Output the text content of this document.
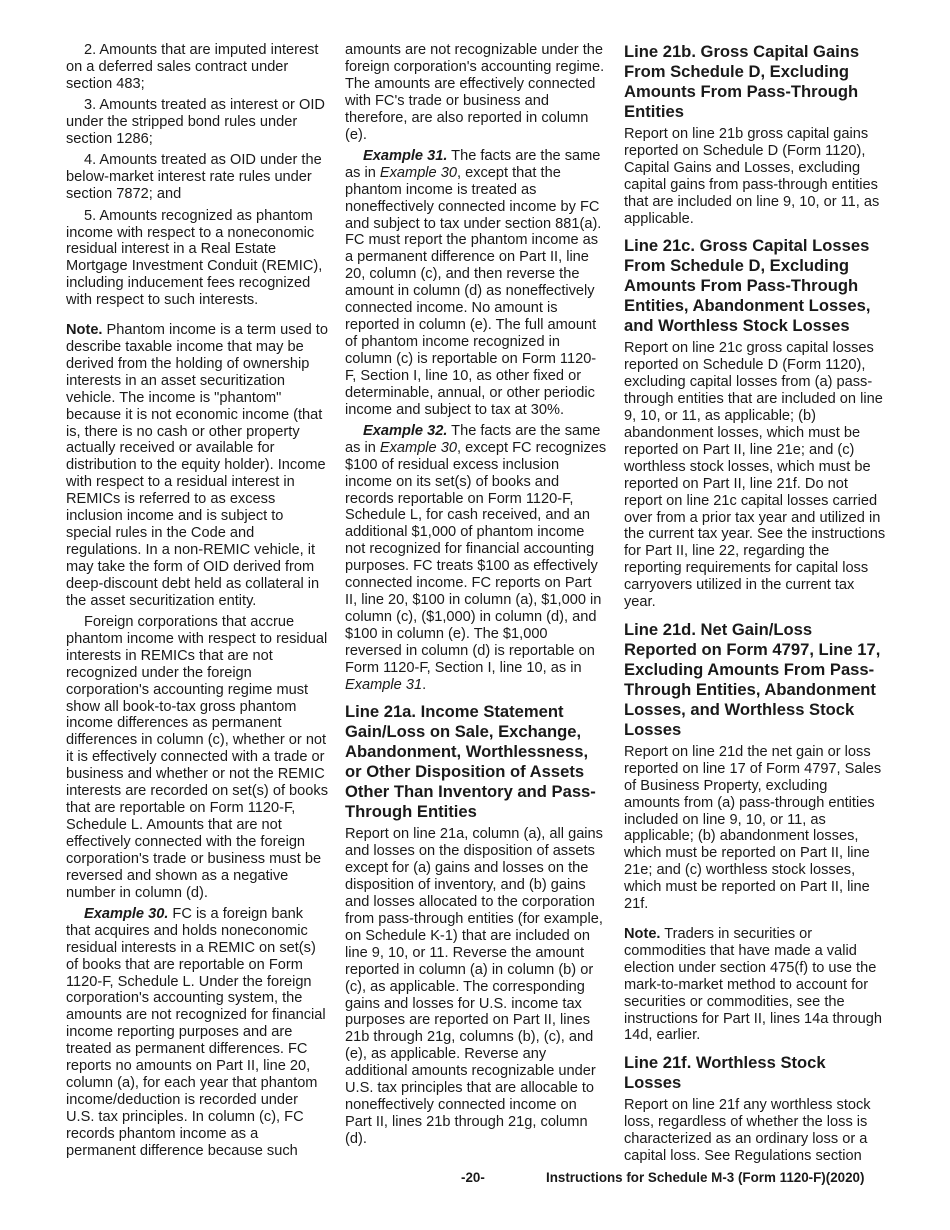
2. Amounts that are imputed interest on a deferred sales contract under section 483;

3. Amounts treated as interest or OID under the stripped bond rules under section 1286;

4. Amounts treated as OID under the below-market interest rate rules under section 7872; and

5. Amounts recognized as phantom income with respect to a noneconomic residual interest in a Real Estate Mortgage Investment Conduit (REMIC), including inducement fees recognized with respect to such interests.

Note. Phantom income is a term used to describe taxable income that may be derived from the holding of ownership interests in an asset securitization vehicle. The income is "phantom" because it is not economic income (that is, there is no cash or other property actually received or available for distribution to the equity holder). Income with respect to a residual interest in REMICs is referred to as excess inclusion income and is subject to special rules in the Code and regulations. In a non-REMIC vehicle, it may take the form of OID derived from deep-discount debt held as collateral in the asset securitization entity.

Foreign corporations that accrue phantom income with respect to residual interests in REMICs that are not recognized under the foreign corporation's accounting regime must show all book-to-tax gross phantom income differences as permanent differences in column (c), whether or not it is effectively connected with a trade or business and whether or not the REMIC interests are recorded on set(s) of books that are reportable on Form 1120-F, Schedule L. Amounts that are not effectively connected with the foreign corporation's trade or business must be reversed and shown as a negative number in column (d).

Example 30. FC is a foreign bank that acquires and holds noneconomic residual interests in a REMIC on set(s) of books that are reportable on Form 1120-F, Schedule L. Under the foreign corporation's accounting system, the amounts are not recognized for financial income reporting purposes and are treated as permanent differences. FC reports no amounts on Part II, line 20, column (a), for each year that phantom income/deduction is recorded under U.S. tax principles. In column (c), FC records phantom income as a permanent difference because such

amounts are not recognizable under the foreign corporation's accounting regime. The amounts are effectively connected with FC's trade or business and therefore, are also reported in column (e).

Example 31. The facts are the same as in Example 30, except that the phantom income is treated as noneffectively connected income by FC and subject to tax under section 881(a). FC must report the phantom income as a permanent difference on Part II, line 20, column (c), and then reverse the amount in column (d) as noneffectively connected income. No amount is reported in column (e). The full amount of phantom income recognized in column (c) is reportable on Form 1120-F, Section I, line 10, as other fixed or determinable, annual, or other periodic income and subject to tax at 30%.

Example 32. The facts are the same as in Example 30, except FC recognizes $100 of residual excess inclusion income on its set(s) of books and records reportable on Form 1120-F, Schedule L, for cash received, and an additional $1,000 of phantom income not recognized for financial accounting purposes. FC treats $100 as effectively connected income. FC reports on Part II, line 20, $100 in column (a), $1,000 in column (c), ($1,000) in column (d), and $100 in column (e). The $1,000 reversed in column (d) is reportable on Form 1120-F, Section I, line 10, as in Example 31.

Line 21a. Income Statement Gain/Loss on Sale, Exchange, Abandonment, Worthlessness, or Other Disposition of Assets Other Than Inventory and Pass-Through Entities

Report on line 21a, column (a), all gains and losses on the disposition of assets except for (a) gains and losses on the disposition of inventory, and (b) gains and losses allocated to the corporation from pass-through entities (for example, on Schedule K-1) that are included on line 9, 10, or 11. Reverse the amount reported in column (a) in column (b) or (c), as applicable. The corresponding gains and losses for U.S. income tax purposes are reported on Part II, lines 21b through 21g, columns (b), (c), and (e), as applicable. Reverse any additional amounts recognizable under U.S. tax principles that are allocable to noneffectively connected income on Part II, lines 21b through 21g, column (d).

Line 21b. Gross Capital Gains From Schedule D, Excluding Amounts From Pass-Through Entities

Report on line 21b gross capital gains reported on Schedule D (Form 1120), Capital Gains and Losses, excluding capital gains from pass-through entities that are included on line 9, 10, or 11, as applicable.

Line 21c. Gross Capital Losses From Schedule D, Excluding Amounts From Pass-Through Entities, Abandonment Losses, and Worthless Stock Losses

Report on line 21c gross capital losses reported on Schedule D (Form 1120), excluding capital losses from (a) pass-through entities that are included on line 9, 10, or 11, as applicable; (b) abandonment losses, which must be reported on Part II, line 21e; and (c) worthless stock losses, which must be reported on Part II, line 21f. Do not report on line 21c capital losses carried over from a prior tax year and utilized in the current tax year. See the instructions for Part II, line 22, regarding the reporting requirements for capital loss carryovers utilized in the current tax year.

Line 21d. Net Gain/Loss Reported on Form 4797, Line 17, Excluding Amounts From Pass-Through Entities, Abandonment Losses, and Worthless Stock Losses

Report on line 21d the net gain or loss reported on line 17 of Form 4797, Sales of Business Property, excluding amounts from (a) pass-through entities included on line 9, 10, or 11, as applicable; (b) abandonment losses, which must be reported on Part II, line 21e; and (c) worthless stock losses, which must be reported on Part II, line 21f.

Note. Traders in securities or commodities that have made a valid election under section 475(f) to use the mark-to-market method to account for securities or commodities, see the instructions for Part II, lines 14a through 14d, earlier.

Line 21f. Worthless Stock Losses

Report on line 21f any worthless stock loss, regardless of whether the loss is characterized as an ordinary loss or a capital loss. See Regulations section

-20-	Instructions for Schedule M-3 (Form 1120-F)(2020)
